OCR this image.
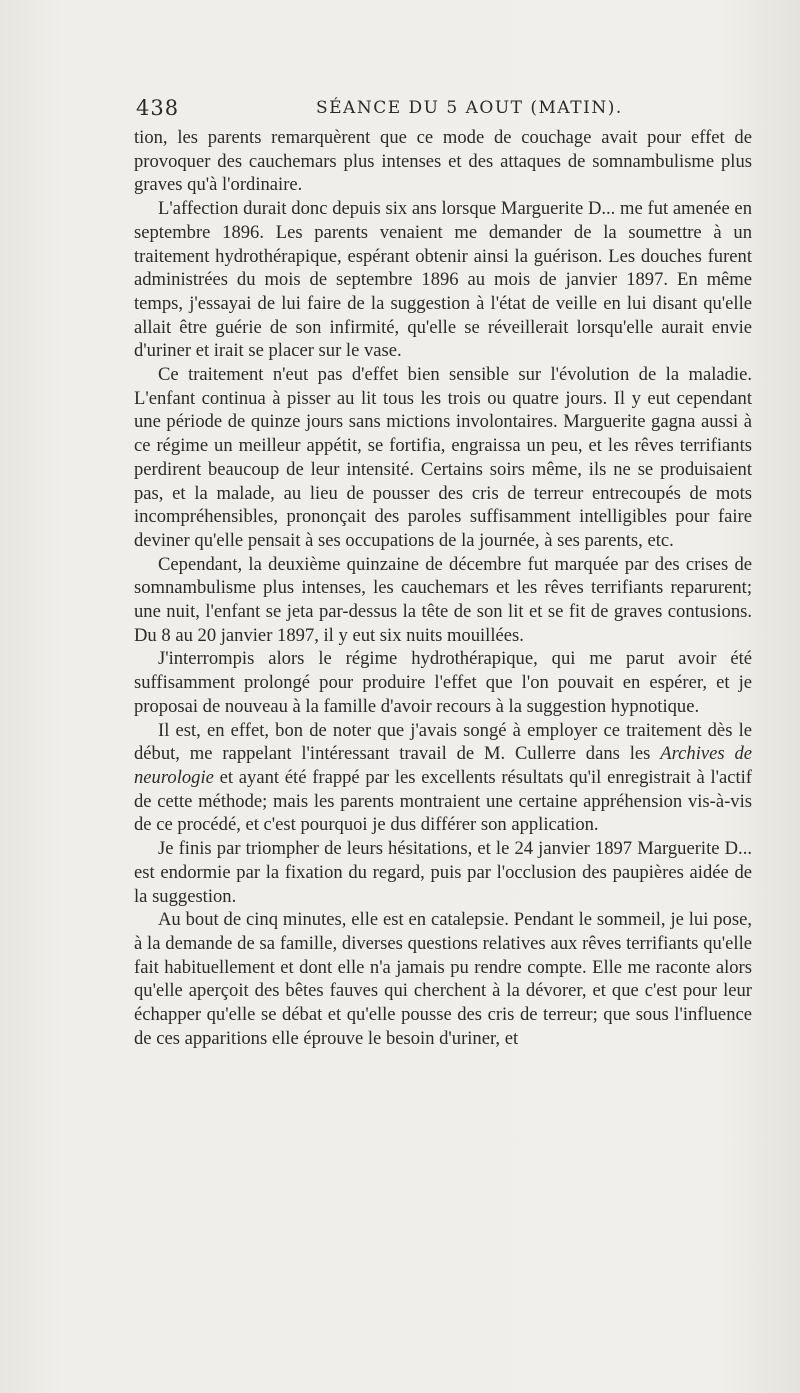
438	SÉANCE DU 5 AOUT (MATIN).

tion, les parents remarquèrent que ce mode de couchage avait pour effet de provoquer des cauchemars plus intenses et des attaques de somnambulisme plus graves qu'à l'ordinaire.

L'affection durait donc depuis six ans lorsque Marguerite D... me fut amenée en septembre 1896. Les parents venaient me demander de la soumettre à un traitement hydrothérapique, espérant obtenir ainsi la guérison. Les douches furent administrées du mois de septembre 1896 au mois de janvier 1897. En même temps, j'essayai de lui faire de la suggestion à l'état de veille en lui disant qu'elle allait être guérie de son infirmité, qu'elle se réveillerait lorsqu'elle aurait envie d'uriner et irait se placer sur le vase.

Ce traitement n'eut pas d'effet bien sensible sur l'évolution de la maladie. L'enfant continua à pisser au lit tous les trois ou quatre jours. Il y eut cependant une période de quinze jours sans mictions involontaires. Marguerite gagna aussi à ce régime un meilleur appétit, se fortifia, engraissa un peu, et les rêves terrifiants perdirent beaucoup de leur intensité. Certains soirs même, ils ne se produisaient pas, et la malade, au lieu de pousser des cris de terreur entrecoupés de mots incompréhensibles, prononçait des paroles suffisamment intelligibles pour faire deviner qu'elle pensait à ses occupations de la journée, à ses parents, etc.

Cependant, la deuxième quinzaine de décembre fut marquée par des crises de somnambulisme plus intenses, les cauchemars et les rêves terrifiants reparurent; une nuit, l'enfant se jeta par-dessus la tête de son lit et se fit de graves contusions. Du 8 au 20 janvier 1897, il y eut six nuits mouillées.

J'interrompis alors le régime hydrothérapique, qui me parut avoir été suffisamment prolongé pour produire l'effet que l'on pouvait en espérer, et je proposai de nouveau à la famille d'avoir recours à la suggestion hypnotique.

Il est, en effet, bon de noter que j'avais songé à employer ce traitement dès le début, me rappelant l'intéressant travail de M. Cullerre dans les Archives de neurologie et ayant été frappé par les excellents résultats qu'il enregistrait à l'actif de cette méthode; mais les parents montraient une certaine appréhension vis-à-vis de ce procédé, et c'est pourquoi je dus différer son application.

Je finis par triompher de leurs hésitations, et le 24 janvier 1897 Marguerite D... est endormie par la fixation du regard, puis par l'occlusion des paupières aidée de la suggestion.

Au bout de cinq minutes, elle est en catalepsie. Pendant le sommeil, je lui pose, à la demande de sa famille, diverses questions relatives aux rêves terrifiants qu'elle fait habituellement et dont elle n'a jamais pu rendre compte. Elle me raconte alors qu'elle aperçoit des bêtes fauves qui cherchent à la dévorer, et que c'est pour leur échapper qu'elle se débat et qu'elle pousse des cris de terreur; que sous l'influence de ces apparitions elle éprouve le besoin d'uriner, et
